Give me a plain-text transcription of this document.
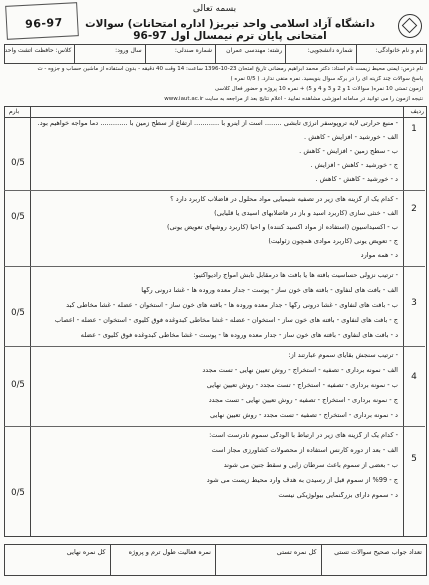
بسمه تعالی
دانشگاه آزاد اسلامی واحد تبریز( اداره امتحانات) سوالات امتحانی پایان ترم نیمسال اول 97-96
96-97
نام و نام خانوادگی:
شماره دانشجویی:
رشته: مهندسی عمران
شماره صندلی:
سال ورود:
کلاس: حافظت اتشت واحد
نام درس: ایمنی محیط زیست نام استاد: دکتر محمد ابراهیم رمضانی تاریخ امتحان 23-10-1396 ساعت: 14 وقت 40 دقیقه - بدون استفاده از ماشین حساب و جزوه - ت
پاسخ سوالات چند گزینه ای را در برگه سوال بنویسید. نمره منفی ندارد. ( 0/5 نمره )
آزمون تستی 10 نمره( سوالات 1 و 2 و 3 و 4 و 5) + نمره 10 پروژه و حضور فعال کلاسی
نتیجه آزمون را می توانید در سامانه آموزشی مشاهده نمایید - اعلام نتایج بعد از مراجعه به سایت www.iaut.ac.ir
ردیف
بارم
1
0/5
- منبع حرارتی لایه تروپوسفر انرژی تابشی ........ است از اینرو با ............ ارتفاع از سطح زمین با ............. دما مواجه خواهیم بود.
الف - خورشید - افزایش - کاهش .
ب - سطح زمین - افزایش - کاهش .
ج - خورشید - کاهش - افزایش .
د - خورشید - کاهش - کاهش .
2
0/5
- کدام یک از گزینه های زیر در تصفیه شیمیایی مواد محلول در فاضلاب کاربرد دارد ؟
الف - خنثی سازی (کاربرد اسید و باز در فاضلابهای اسیدی یا قلیایی)
ب - اکسیداسیون (استفاده از مواد اکسید کننده) و احیا (کاربرد روشهای تعویض یونی)
ج - تعویض یونی (کاربرد موادی همچون زئولیت)
د - همه موارد
3
0/5
- ترتیب نزولی حساسیت بافته ها یا بافت ها درمقابل تابش امواج رادیواکتیو:
الف - بافت های لنفاوی - بافته های خون ساز - پوست - جدار معده وروده ها - غشا درونی رگها
ب - بافت های لنفاوی - غشا درونی رگها - جدار معده وروده ها - بافته های خون ساز - استخوان - عضله - غشا مخاطی کبد
ج - بافت های لنفاوی - بافته های خون ساز - استخوان - عضله - غشا مخاطی کبدوغده فوق کلیوی - استخوان - عضله - اعصاب
د - بافت های لنفاوی - بافته های خون ساز - جدار معده وروده ها - پوست - غشا مخاطی کبدوغده فوق کلیوی - عضله
4
0/5
- ترتیب سنجش بقایای سموم عبارتند از:
الف - نمونه برداری - تصفیه - استخراج - روش تعیین نهایی - تست مجدد
ب - نمونه برداری - تصفیه - استخراج - تست مجدد - روش تعیین نهایی
ج - نمونه برداری - استخراج - تصفیه - روش تعیین نهایی - تست مجدد
د - نمونه برداری - استخراج - تصفیه - تست مجدد - روش تعیین نهایی
5
0/5
- کدام یک از گزینه های زیر در ارتباط با آلودگی سموم نادرست است:
الف - بعد از دوره کارنس استفاده از محصولات کشاورزی مجاز است
ب - بعضی از سموم باعث سرطان زایی و سقط جنین می شوند
ج - 99% از سموم قبل از رسیدن به هدف وارد محیط زیست می شود
د - سموم دارای بزرگنمایی بیولوژیکی نیست
تعداد جواب صحیح سوالات تستی
کل نمره تستی
نمره فعالیت طول ترم و پروژه
کل نمره نهایی
